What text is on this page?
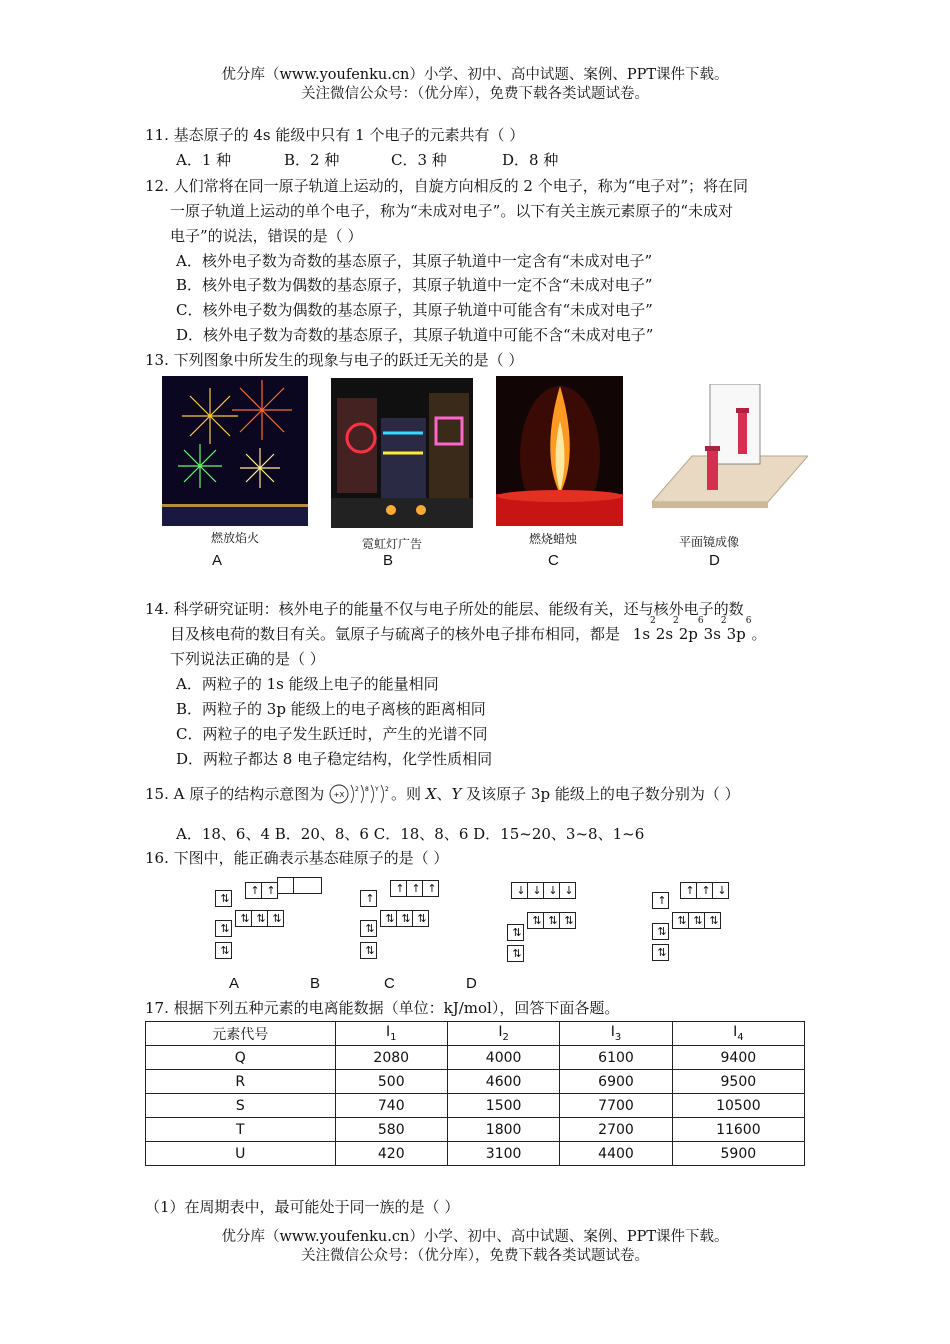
优分库（www.youfenku.cn）小学、初中、高中试题、案例、PPT课件下载。
关注微信公众号：（优分库），免费下载各类试题试卷。
11. 基态原子的 4s 能级中只有 1 个电子的元素共有（ ）
A．1 种	B．2 种	C．3 种	D．8 种
12. 人们常将在同一原子轨道上运动的，自旋方向相反的 2 个电子，称为“电子对”；将在同
一原子轨道上运动的单个电子，称为“未成对电子”。以下有关主族元素原子的“未成对
电子”的说法，错误的是（ ）
A．核外电子数为奇数的基态原子，其原子轨道中一定含有“未成对电子”
B．核外电子数为偶数的基态原子，其原子轨道中一定不含“未成对电子”
C．核外电子数为偶数的基态原子，其原子轨道中可能含有“未成对电子”
D．核外电子数为奇数的基态原子，其原子轨道中可能不含“未成对电子”
13. 下列图象中所发生的现象与电子的跃迁无关的是（ ）
燃放焰火
A
霓虹灯广告
B
燃烧蜡烛
C
平面镜成像
D
14. 科学研究证明：核外电子的能量不仅与电子所处的能层、能级有关，还与核外电子的数
目及核电荷的数目有关。氩原子与硫离子的核外电子排布相同，都是 $1s^22s^22p^63s^23p^6$。
下列说法正确的是（ ）
A．两粒子的 1s 能级上电子的能量相同
B．两粒子的 3p 能级上的电子离核的距离相同
C．两粒子的电子发生跃迁时，产生的光谱不同
D．两粒子都达 8 电子稳定结构，化学性质相同
15. A 原子的结构示意图为 +X
2 8 Y 2 。则 X、Y 及该原子 3p 能级上的电子数分别为（ ）
A．18、6、4 B．20、8、6 C．18、8、6 D．15~20、3~8、1~6
16. 下图中，能正确表示基态硅原子的是（ ）
↑ ↑
⇅
⇅ ⇅ ⇅
⇅
⇅
↑ ↑ ↑
↑
⇅ ⇅ ⇅
⇅
⇅
↓ ↓ ↓ ↓
⇅ ⇅ ⇅
⇅
⇅
↑ ↑ ↓
↑
⇅ ⇅ ⇅
⇅
⇅
A	B	C	D
17. 根据下列五种元素的电离能数据（单位：kJ/mol），回答下面各题。
元素代号	$I_1$	$I_2$	$I_3$	$I_4$
Q	2080	4000	6100	9400
R	500	4600	6900	9500
S	740	1500	7700	10500
T	580	1800	2700	11600
U	420	3100	4400	5900
（1）在周期表中，最可能处于同一族的是（ ）
优分库（www.youfenku.cn）小学、初中、高中试题、案例、PPT课件下载。
关注微信公众号：（优分库），免费下载各类试题试卷。
